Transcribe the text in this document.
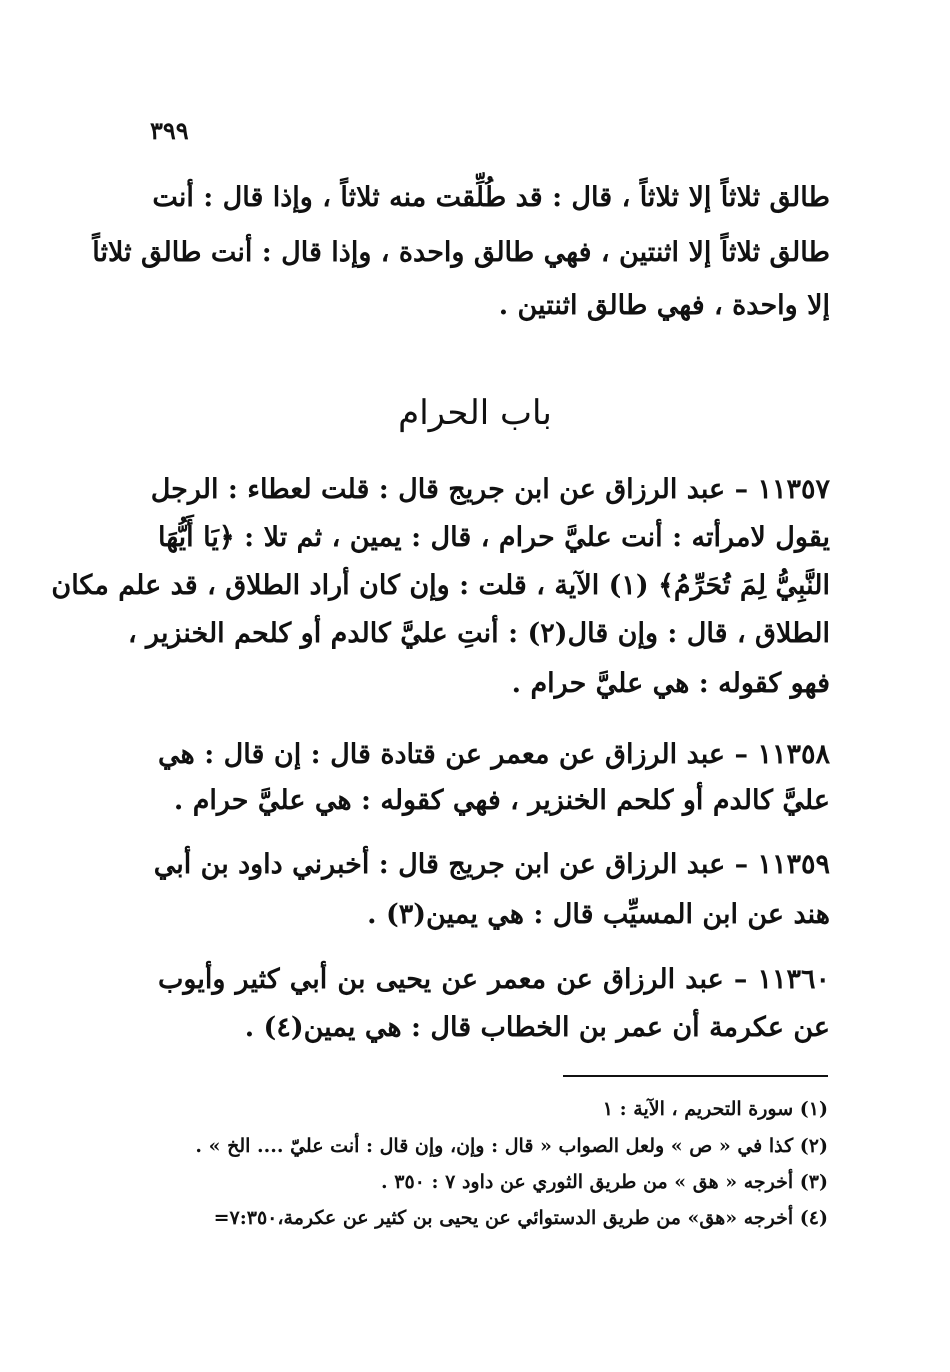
٣٩٩
طالق ثلاثاً إلا ثلاثاً ، قال : قد طُلِّقت منه ثلاثاً ، وإذا قال : أنت
طالق ثلاثاً إلا اثنتين ، فهي طالق واحدة ، وإذا قال : أنت طالق ثلاثاً
إلا واحدة ، فهي طالق اثنتين .
باب الحرام
١١٣٥٧ – عبد الرزاق عن ابن جريج قال : قلت لعطاء : الرجل
يقول لامرأته : أنت عليَّ حرام ، قال : يمين ، ثم تلا : ﴿يَا أَيُّهَا
النَّبِيُّ لِمَ تُحَرِّمُ﴾ (١) الآية ، قلت : وإن كان أراد الطلاق ، قد علم مكان
الطلاق ، قال : وإن قال(٢) : أنتِ عليَّ كالدم أو كلحم الخنزير ،
فهو كقوله : هي عليَّ حرام .
١١٣٥٨ – عبد الرزاق عن معمر عن قتادة قال : إن قال : هي
عليَّ كالدم أو كلحم الخنزير ، فهي كقوله : هي عليَّ حرام .
١١٣٥٩ – عبد الرزاق عن ابن جريج قال : أخبرني داود بن أبي
هند عن ابن المسيِّب قال : هي يمين(٣) .
١١٣٦٠ – عبد الرزاق عن معمر عن يحيى بن أبي كثير وأيوب
عن عكرمة أن عمر بن الخطاب قال : هي يمين(٤) .
(١) سورة التحريم ، الآية : ١
(٢) كذا في « ص » ولعل الصواب « قال : وإن، وإن قال : أنت عليّ .... الخ » .
(٣) أخرجه « هق » من طريق الثوري عن داود ٧ : ٣٥٠ .
(٤) أخرجه «هق» من طريق الدستوائي عن يحيى بن كثير عن عكرمة،٧:٣٥٠=
